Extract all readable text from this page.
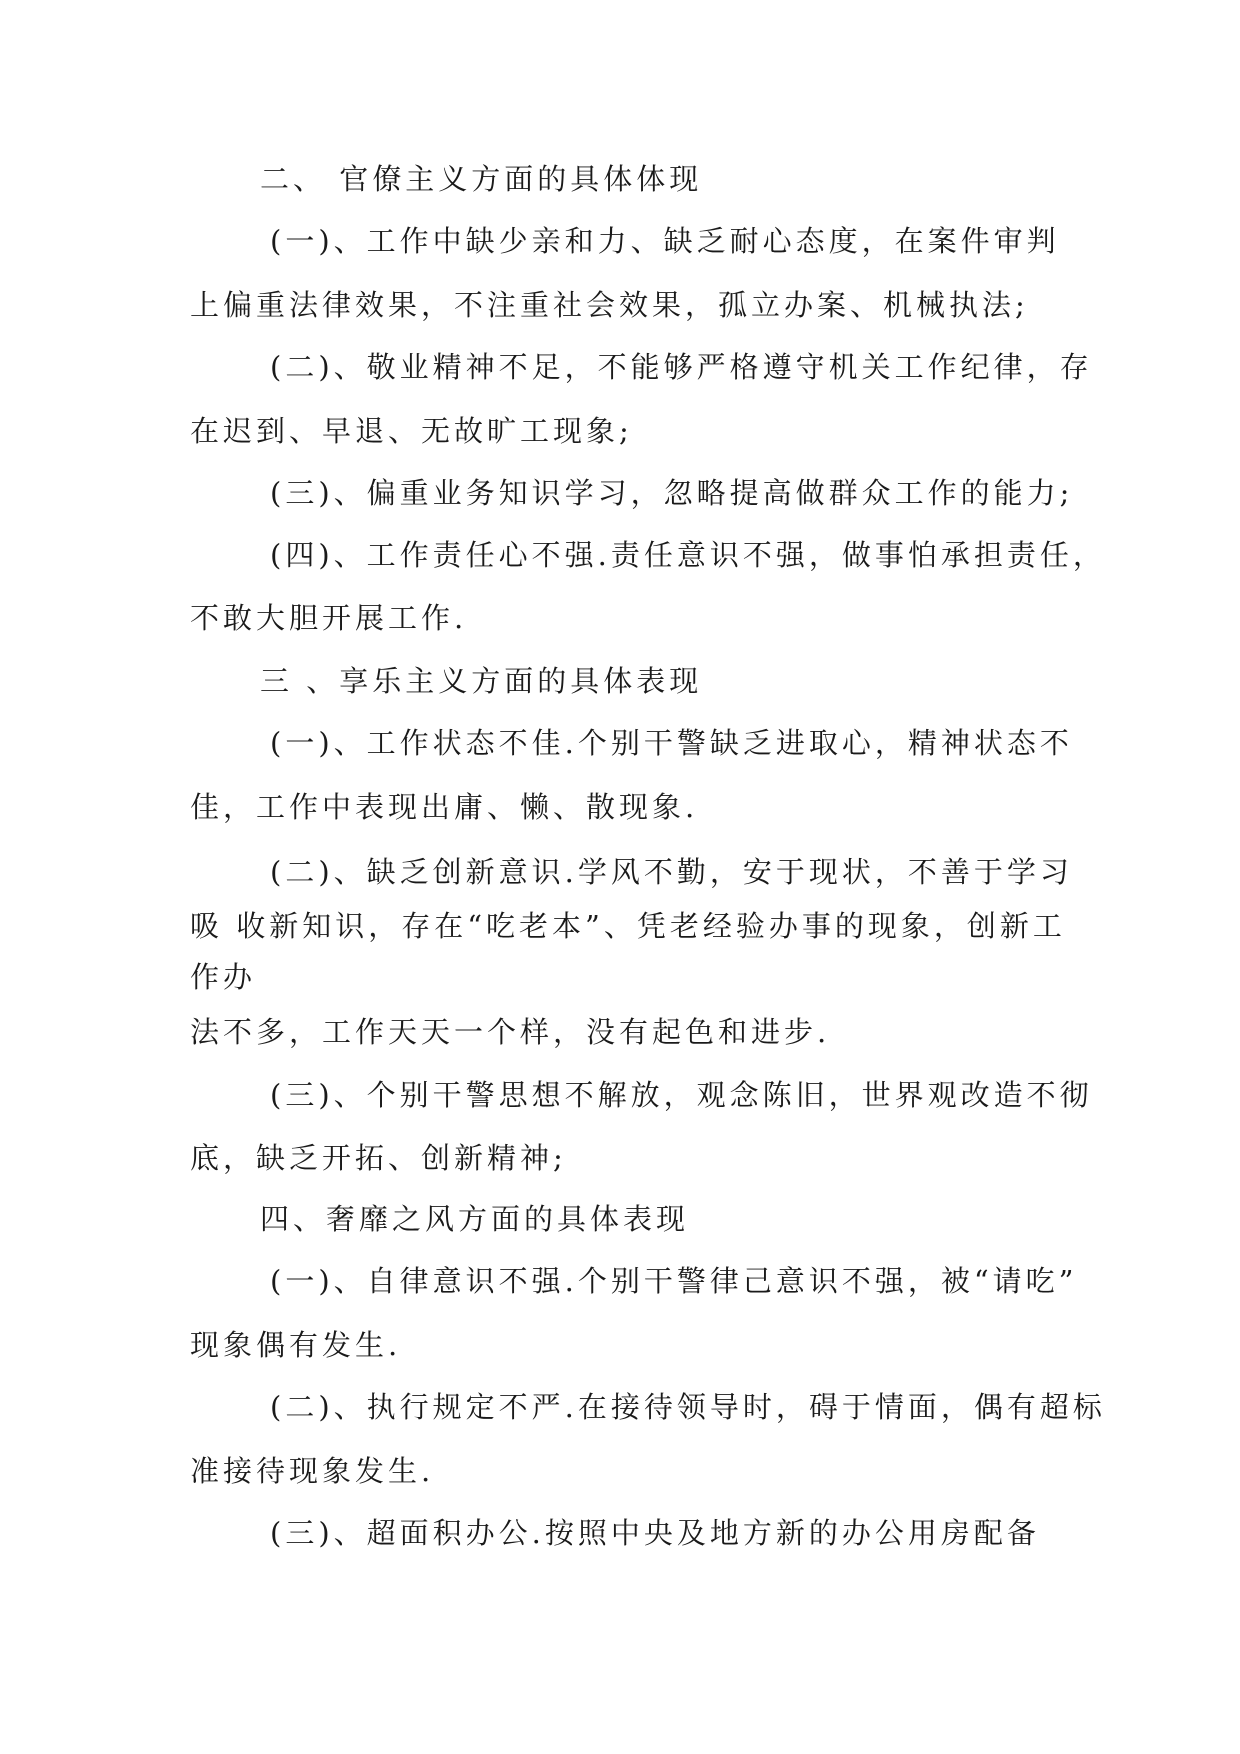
二、 官僚主义方面的具体体现
(一)、工作中缺少亲和力、缺乏耐心态度，在案件审判
上偏重法律效果，不注重社会效果，孤立办案、机械执法;
(二)、敬业精神不足，不能够严格遵守机关工作纪律，存
在迟到、早退、无故旷工现象;
(三)、偏重业务知识学习，忽略提高做群众工作的能力;
(四)、工作责任心不强.责任意识不强，做事怕承担责任，
不敢大胆开展工作.
三 、享乐主义方面的具体表现
(一)、工作状态不佳.个别干警缺乏进取心，精神状态不
佳，工作中表现出庸、懒、散现象.
(二)、缺乏创新意识.学风不勤，安于现状，不善于学习
吸 收新知识，存在“吃老本”、凭老经验办事的现象，创新工
作办
法不多，工作天天一个样，没有起色和进步.
(三)、个别干警思想不解放，观念陈旧，世界观改造不彻
底，缺乏开拓、创新精神;
四、奢靡之风方面的具体表现
(一)、自律意识不强.个别干警律己意识不强，被“请吃”
现象偶有发生.
(二)、执行规定不严.在接待领导时，碍于情面，偶有超标
准接待现象发生.
(三)、超面积办公.按照中央及地方新的办公用房配备
